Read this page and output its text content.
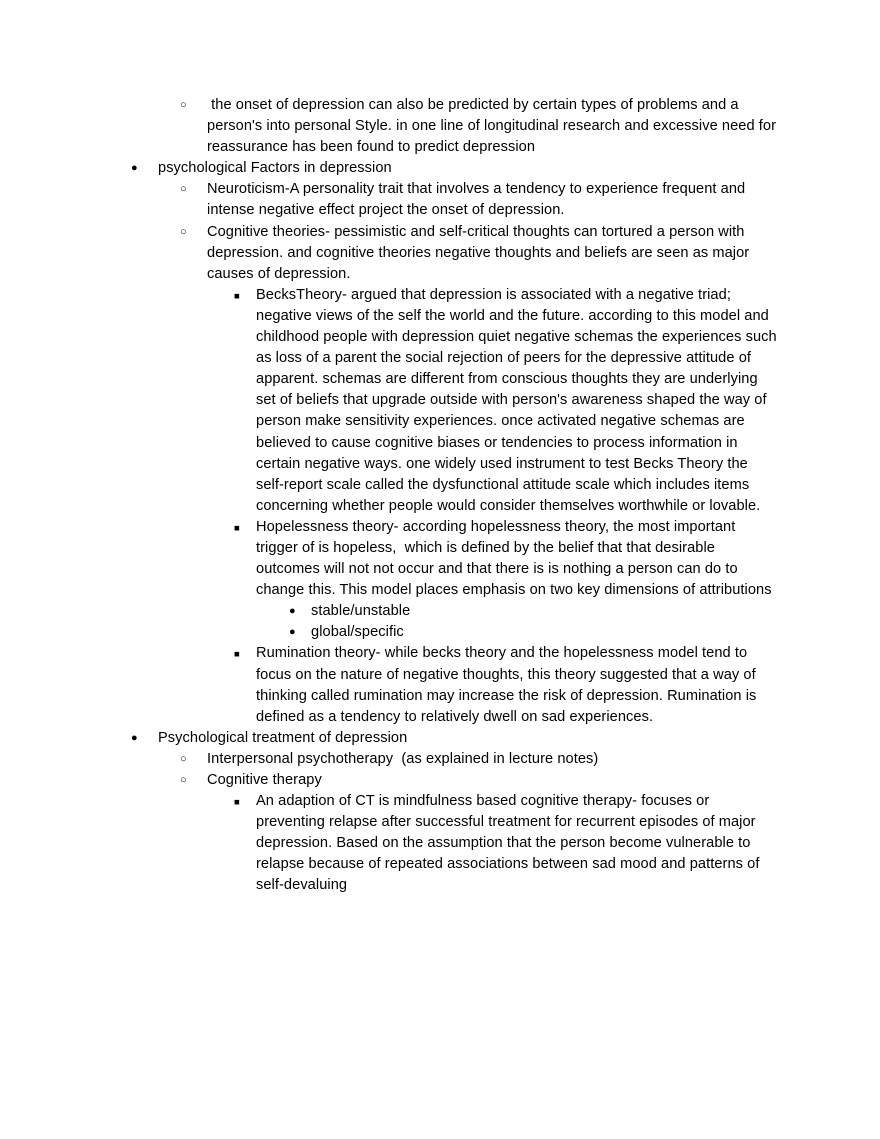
○
the onset of depression can also be predicted by certain types of problems and a person's into personal Style. in one line of longitudinal research and excessive need for reassurance has been found to predict depression
●
psychological Factors in depression
○
Neuroticism-A personality trait that involves a tendency to experience frequent and intense negative effect project the onset of depression.
○
Cognitive theories- pessimistic and self-critical thoughts can tortured a person with depression. and cognitive theories negative thoughts and beliefs are seen as major causes of depression.
■
BecksTheory- argued that depression is associated with a negative triad; negative views of the self the world and the future. according to this model and childhood people with depression quiet negative schemas the experiences such as loss of a parent the social rejection of peers for the depressive attitude of apparent. schemas are different from conscious thoughts they are underlying set of beliefs that upgrade outside with person's awareness shaped the way of person make sensitivity experiences. once activated negative schemas are believed to cause cognitive biases or tendencies to process information in certain negative ways. one widely used instrument to test Becks Theory the self-report scale called the dysfunctional attitude scale which includes items concerning whether people would consider themselves worthwhile or lovable.
■
Hopelessness theory- according hopelessness theory, the most important trigger of is hopeless,  which is defined by the belief that that desirable outcomes will not not occur and that there is is nothing a person can do to change this. This model places emphasis on two key dimensions of attributions
●
stable/unstable
●
global/specific
■
Rumination theory- while becks theory and the hopelessness model tend to focus on the nature of negative thoughts, this theory suggested that a way of thinking called rumination may increase the risk of depression. Rumination is defined as a tendency to relatively dwell on sad experiences.
●
Psychological treatment of depression
○
Interpersonal psychotherapy  (as explained in lecture notes)
○
Cognitive therapy
■
An adaption of CT is mindfulness based cognitive therapy- focuses or preventing relapse after successful treatment for recurrent episodes of major depression. Based on the assumption that the person become vulnerable to relapse because of repeated associations between sad mood and patterns of self-devaluing
